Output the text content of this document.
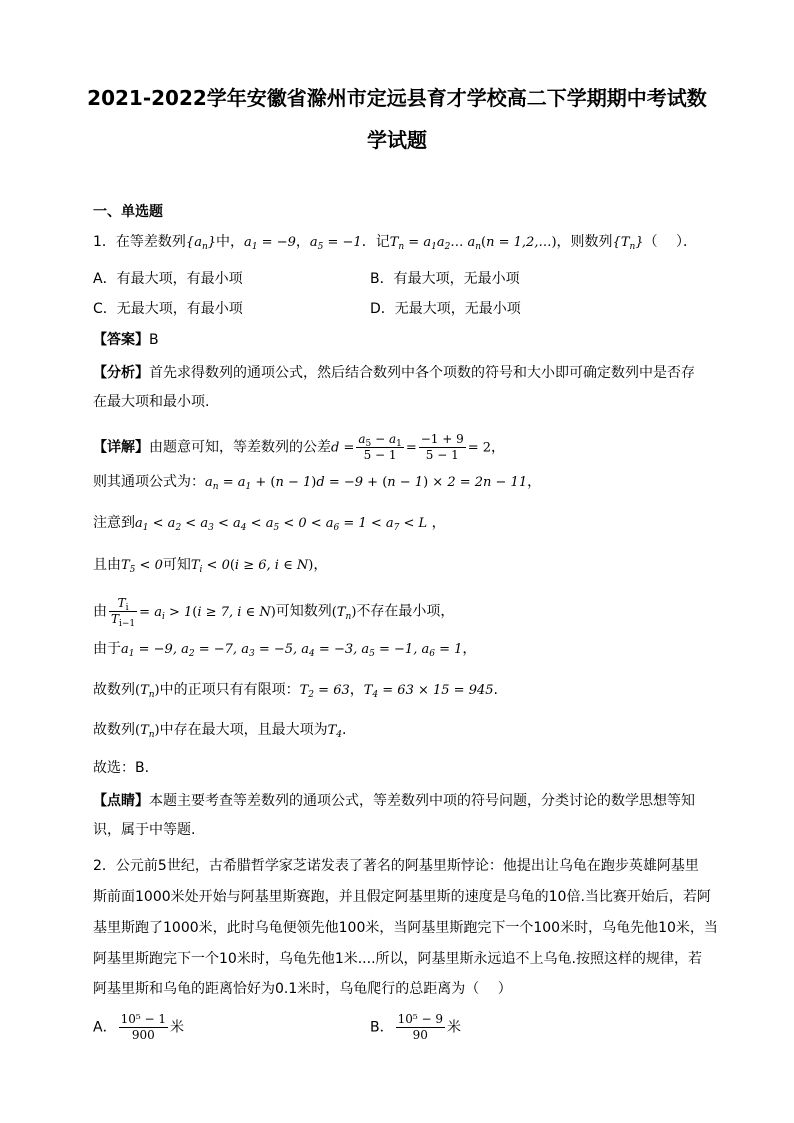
2021-2022学年安徽省滁州市定远县育才学校高二下学期期中考试数
学试题
一、单选题
1．在等差数列$\{a_n\}$中，$a_1 = -9$，$a_5 = -1$．记$T_n$ = $a_1a_2\dots$ $a_n(n$ = 1,2,…)，则数列$\{T_n\}$（　 ）．
A．有最大项，有最小项	B．有最大项，无最小项
C．无最大项，有最小项	D．无最大项，无最小项
【答案】B
【分析】首先求得数列的通项公式，然后结合数列中各个项数的符号和大小即可确定数列中是否存
在最大项和最小项.
【详解】由题意可知，等差数列的公差$d = \frac{a_5 - a_1}{5 - 1} = \frac{-1 + 9}{5 - 1} = 2$，
则其通项公式为：$a_n = a_1 + (n - 1)d = -9 + (n - 1) \times 2 = 2n - 11$，
注意到$a_1 < a_2 < a_3 < a_4 < a_5 < 0 < a_6 = 1 < a_7 < L$ ，
且由$T_5 < 0$可知$T_i < 0(i \ge 6$, i ∈ N)，
由 $\frac{T_i}{T_{i-1}} = a_i > 1(i \ge 7$, i ∈ N)可知数列$(T_n)$不存在最小项，
由于$a_1 = -9$, $a_2 = -7$, $a_3 = -5$, $a_4 = -3$, $a_5 = -1$, $a_6 = 1$，
故数列$(T_n)$中的正项只有有限项：$T_2 = 63$，$T_4 = 63 \times 15 = 945$.
故数列$(T_n)$中存在最大项，且最大项为$T_4$.
故选：B.
【点睛】本题主要考查等差数列的通项公式，等差数列中项的符号问题，分类讨论的数学思想等知
识，属于中等题.
2．公元前5世纪，古希腊哲学家芝诺发表了著名的阿基里斯悖论：他提出让乌龟在跑步英雄阿基里
斯前面1000米处开始与阿基里斯赛跑，并且假定阿基里斯的速度是乌龟的10倍.当比赛开始后，若阿
基里斯跑了1000米，此时乌龟便领先他100米，当阿基里斯跑完下一个100米时，乌龟先他10米，当
阿基里斯跑完下一个10米时，乌龟先他1米....所以，阿基里斯永远追不上乌龟.按照这样的规律，若
阿基里斯和乌龟的距离恰好为0.1米时，乌龟爬行的总距离为（　 ）
A． $\frac{\text{10⁵ − 1}}{900}$ 米	B． $\frac{\text{10⁵ − 9}}{90}$ 米
